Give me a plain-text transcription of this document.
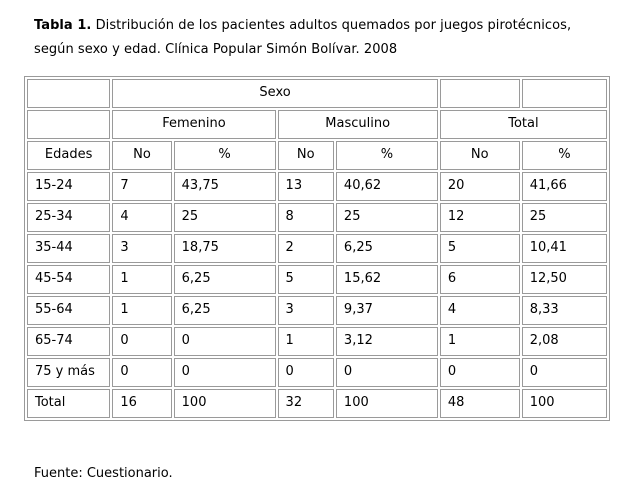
Tabla 1. Distribución de los pacientes adultos quemados por juegos pirotécnicos, según sexo y edad. Clínica Popular Simón Bolívar. 2008
	Sexo					
	Femenino		Masculino		Total	
Edades	No	%	No	%	No	%
15-24	7	43,75	13	40,62	20	41,66
25-34	4	25	8	25	12	25
35-44	3	18,75	2	6,25	5	10,41
45-54	1	6,25	5	15,62	6	12,50
55-64	1	6,25	3	9,37	4	8,33
65-74	0	0	1	3,12	1	2,08
75 y más	0	0	0	0	0	0
Total	16	100	32	100	48	100
Fuente: Cuestionario.
